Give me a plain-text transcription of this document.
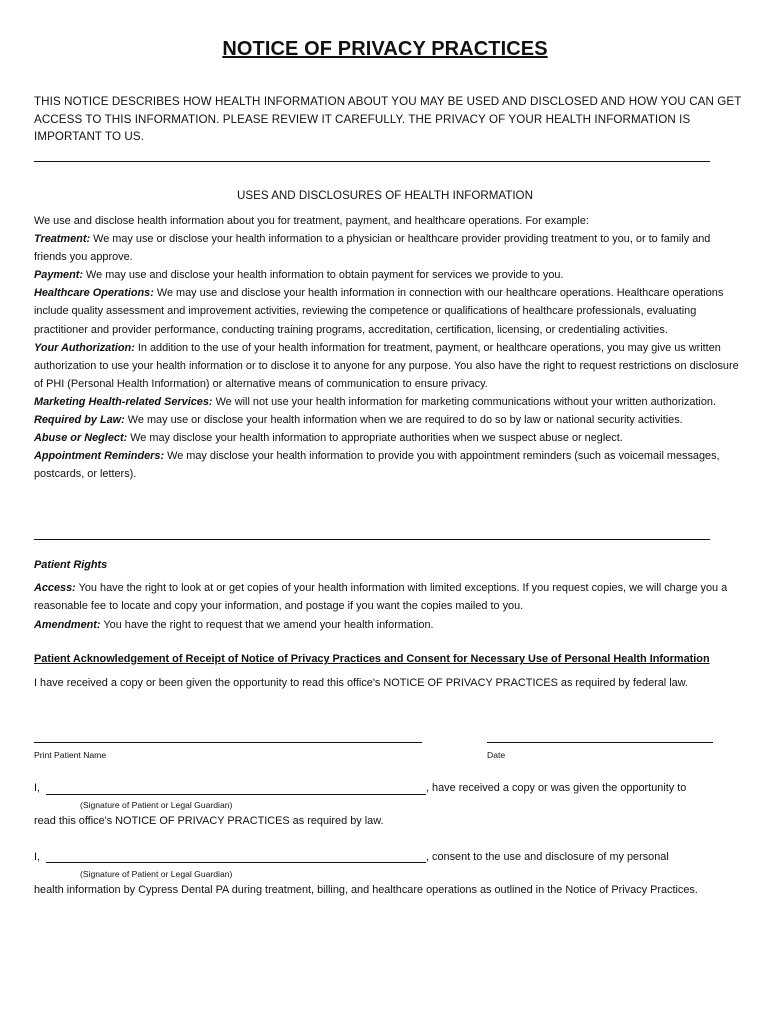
NOTICE OF PRIVACY PRACTICES
THIS NOTICE DESCRIBES HOW HEALTH INFORMATION ABOUT YOU MAY BE USED AND DISCLOSED AND HOW YOU CAN GET ACCESS TO THIS INFORMATION. PLEASE REVIEW IT CAREFULLY. THE PRIVACY OF YOUR HEALTH INFORMATION IS IMPORTANT TO US.
USES AND DISCLOSURES OF HEALTH INFORMATION

We use and disclose health information about you for treatment, payment, and healthcare operations. For example:

Treatment: We may use or disclose your health information to a physician or healthcare provider providing treatment to you, or to family and friends you approve.

Payment: We may use and disclose your health information to obtain payment for services we provide to you.

Healthcare Operations: We may use and disclose your health information in connection with our healthcare operations. Healthcare operations include quality assessment and improvement activities, reviewing the competence or qualifications of healthcare professionals, evaluating practitioner and provider performance, conducting training programs, accreditation, certification, licensing, or credentialing activities.

Your Authorization: In addition to the use of your health information for treatment, payment, or healthcare operations, you may give us written authorization to use your health information or to disclose it to anyone for any purpose. You also have the right to request restrictions on disclosure of PHI (Personal Health Information) or alternative means of communication to ensure privacy.

Marketing Health-related Services: We will not use your health information for marketing communications without your written authorization.

Required by Law: We may use or disclose your health information when we are required to do so by law or national security activities.

Abuse or Neglect: We may disclose your health information to appropriate authorities when we suspect abuse or neglect.

Appointment Reminders: We may disclose your health information to provide you with appointment reminders (such as voicemail messages, postcards, or letters).

Patient Rights

Access: You have the right to look at or get copies of your health information with limited exceptions. If you request copies, we will charge you a reasonable fee to locate and copy your information, and postage if you want the copies mailed to you.

Amendment: You have the right to request that we amend your health information.

Patient Acknowledgement of Receipt of Notice of Privacy Practices and Consent for Necessary Use of Personal Health Information
I have received a copy or been given the opportunity to read this office's NOTICE OF PRIVACY PRACTICES as required by federal law.
Print Patient Name	Date
I,	, have received a copy or was given the opportunity to
(Signature of Patient or Legal Guardian)
read this office's NOTICE OF PRIVACY PRACTICES as required by law.
I,	, consent to the use and disclosure of my personal
(Signature of Patient or Legal Guardian)
health information by Cypress Dental PA during treatment, billing, and healthcare operations as outlined in the Notice of Privacy Practices.
